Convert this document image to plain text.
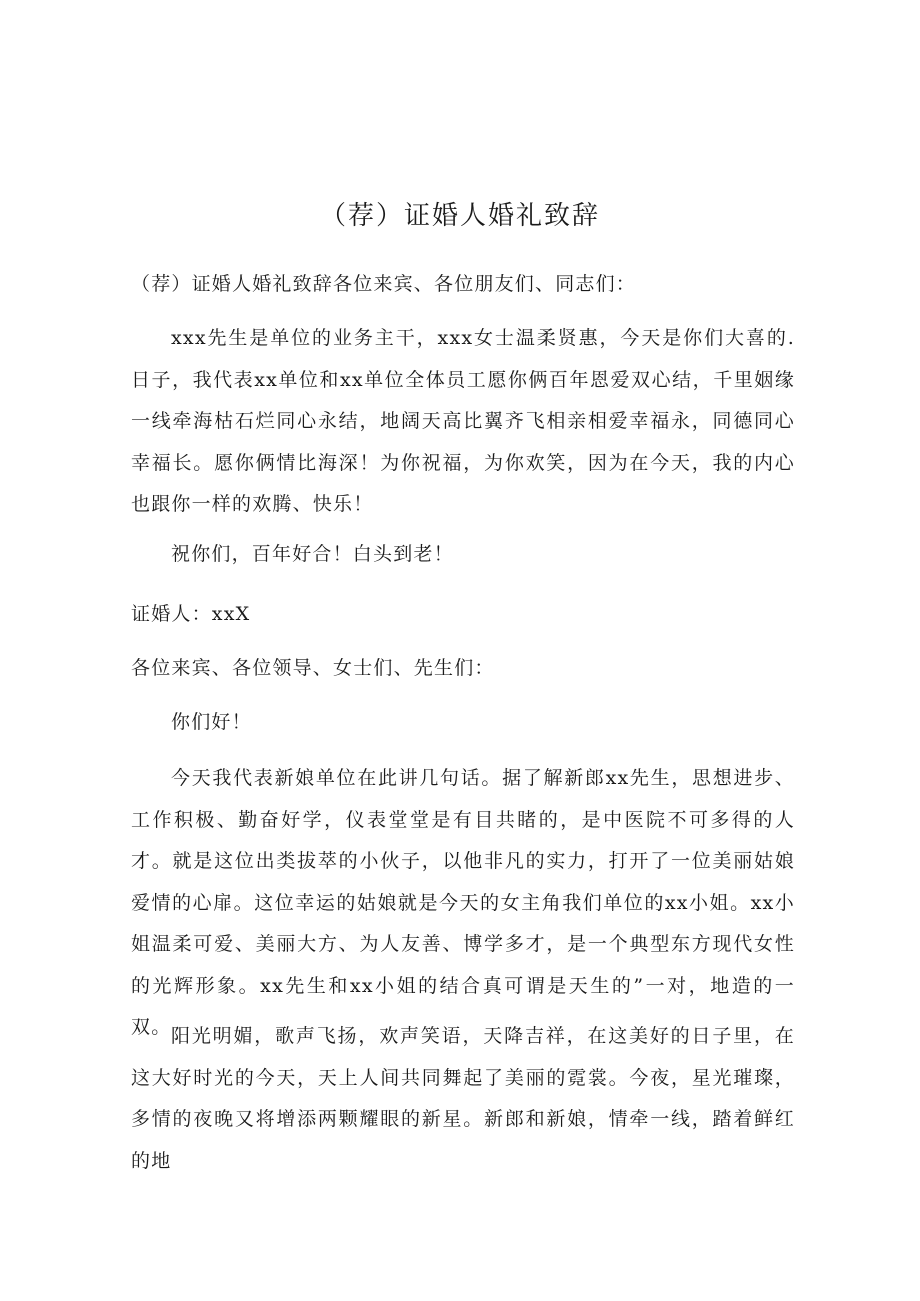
（荐）证婚人婚礼致辞

（荐）证婚人婚礼致辞各位来宾、各位朋友们、同志们：

xxx先生是单位的业务主干，xxx女士温柔贤惠，今天是你们大喜的.日子，我代表xx单位和xx单位全体员工愿你俩百年恩爱双心结，千里姻缘一线牵海枯石烂同心永结，地阔天高比翼齐飞相亲相爱幸福永，同德同心幸福长。愿你俩情比海深！为你祝福，为你欢笑，因为在今天，我的内心也跟你一样的欢腾、快乐！

祝你们，百年好合！白头到老！

证婚人：xxX

各位来宾、各位领导、女士们、先生们：

你们好！

今天我代表新娘单位在此讲几句话。据了解新郎xx先生，思想进步、工作积极、勤奋好学，仪表堂堂是有目共睹的，是中医院不可多得的人才。就是这位出类拔萃的小伙子，以他非凡的实力，打开了一位美丽姑娘爱情的心扉。这位幸运的姑娘就是今天的女主角我们单位的xx小姐。xx小姐温柔可爱、美丽大方、为人友善、博学多才，是一个典型东方现代女性的光辉形象。xx先生和xx小姐的结合真可谓是天生的”一对，地造的一双。 阳光明媚，歌声飞扬，欢声笑语，天降吉祥，在这美好的日子里，在这大好时光的今天，天上人间共同舞起了美丽的霓裳。今夜，星光璀璨，多情的夜晚又将增添两颗耀眼的新星。新郎和新娘，情牵一线，踏着鲜红的地
